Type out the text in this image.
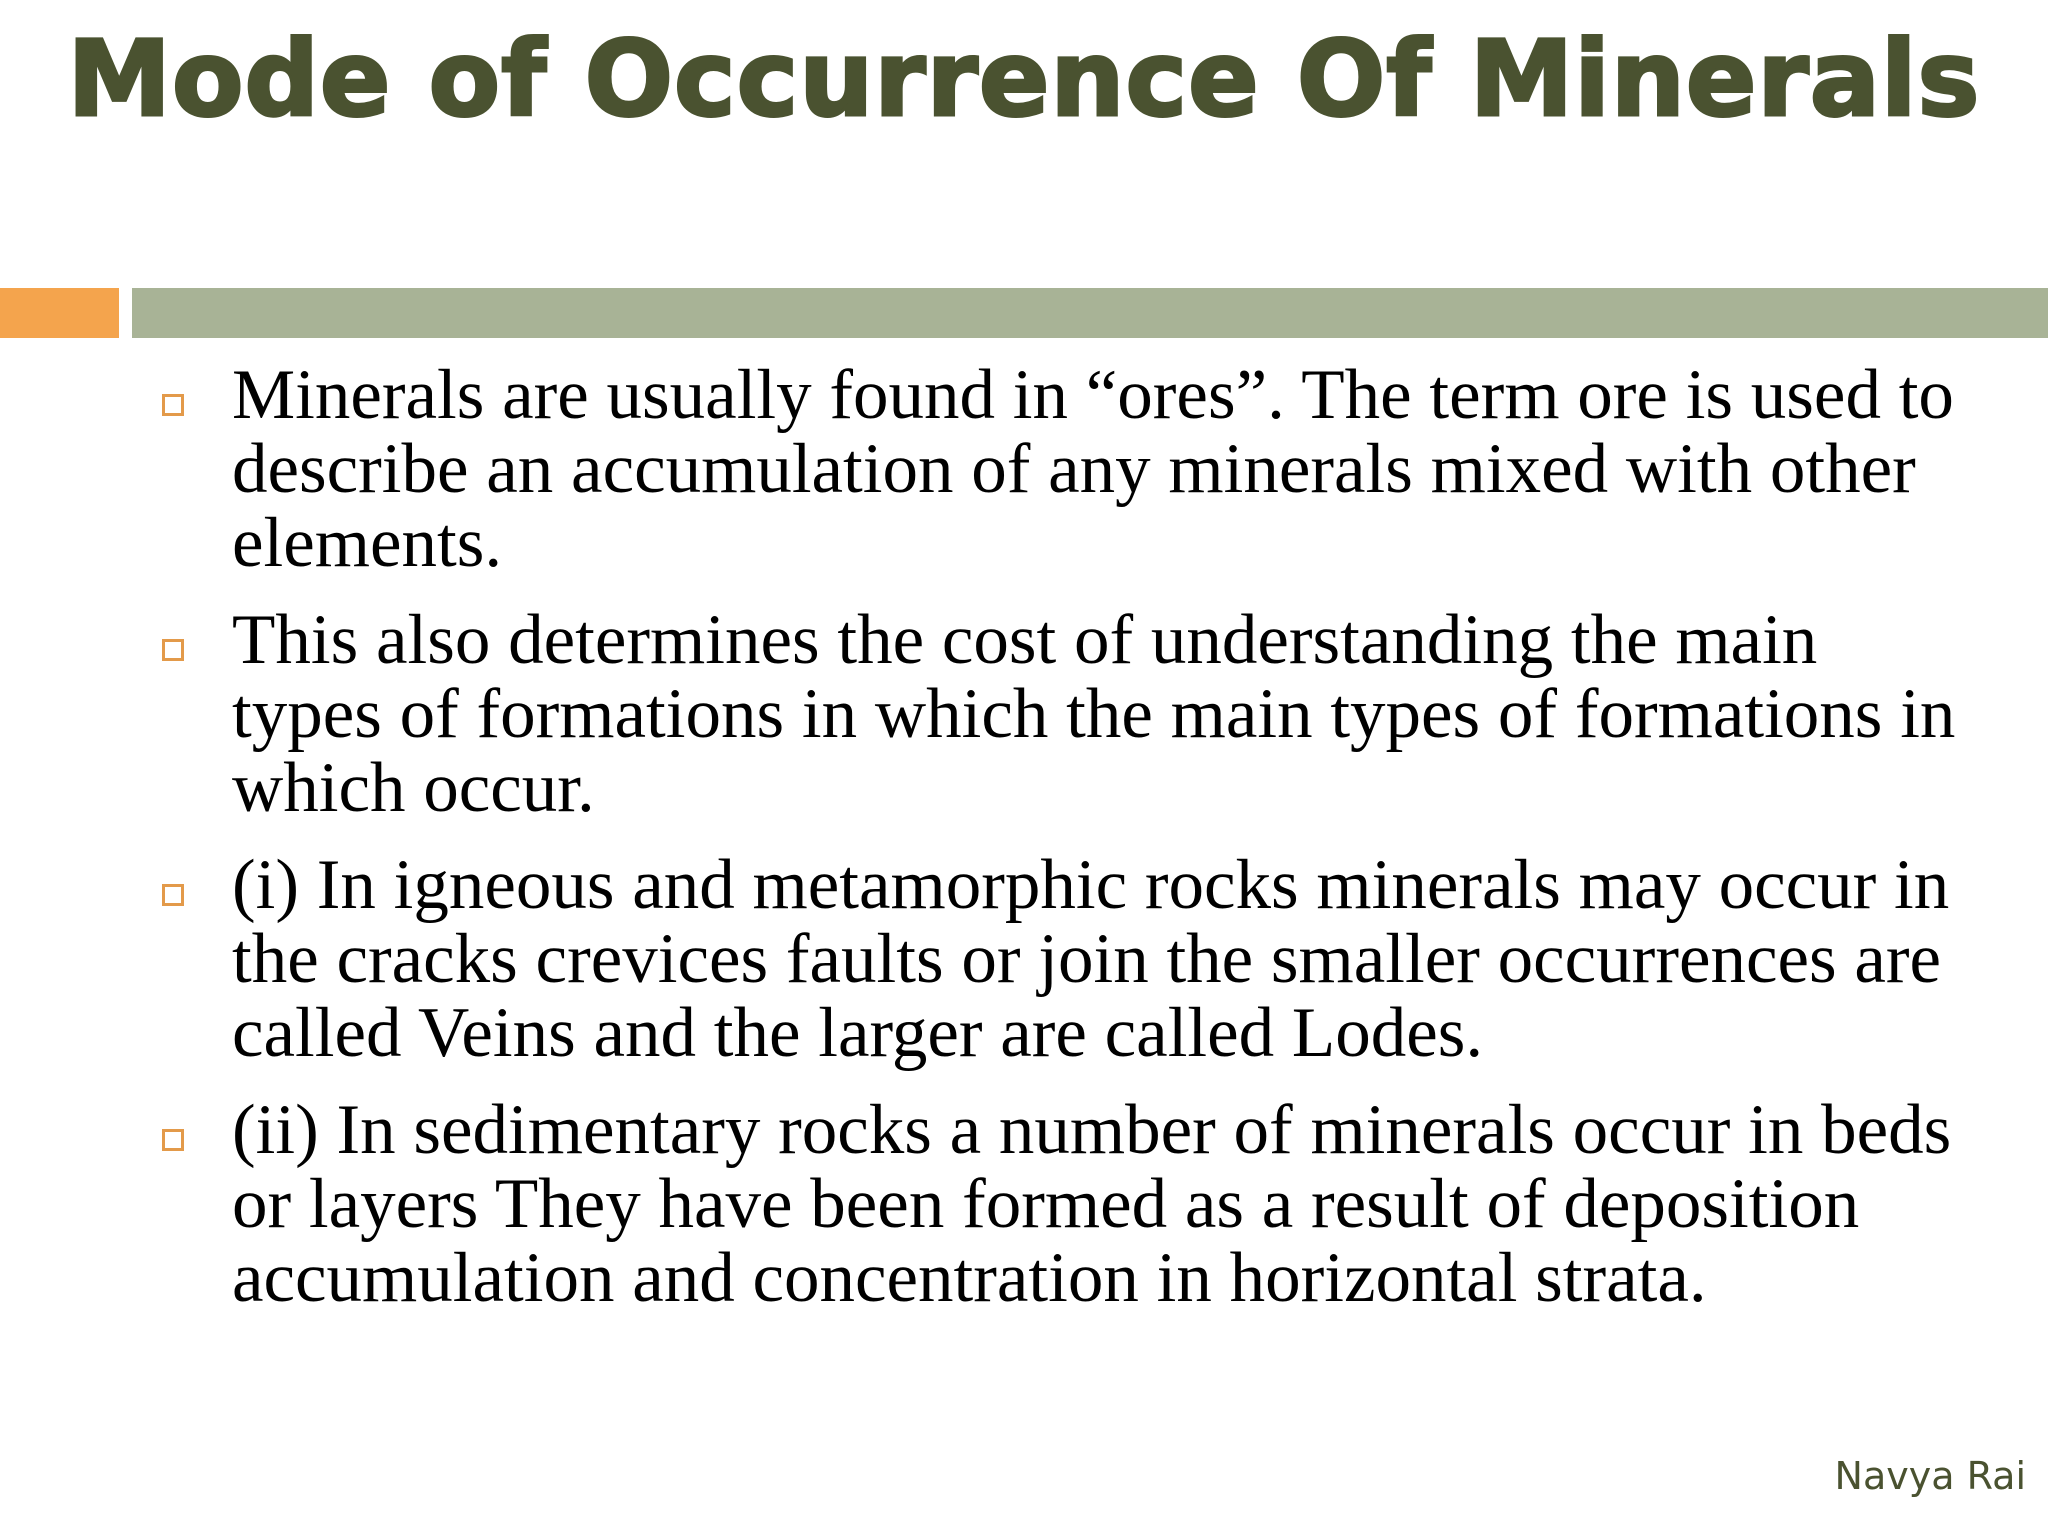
Mode of Occurrence Of Minerals
Minerals are usually found in “ores”. The term ore is used to describe an accumulation of any minerals mixed with other elements.
This also determines the cost of understanding the main types of formations in which the main types of formations in which occur.
(i) In igneous and metamorphic rocks minerals may occur in the cracks crevices faults or join the smaller occurrences are called Veins and the larger are called Lodes.
(ii) In sedimentary rocks a number of minerals occur in beds or layers They have been formed as a result of deposition accumulation and concentration in horizontal strata.
Navya Rai
